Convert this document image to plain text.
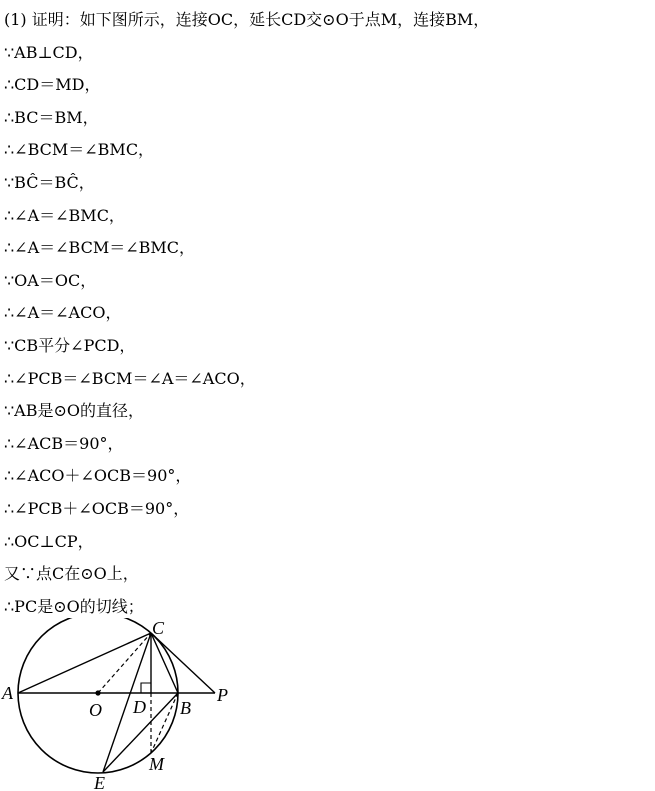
(1) 证明：如下图所示，连接OC，延长CD交⊙O于点M，连接BM，
∵AB⊥CD，
∴CD＝MD，
∴BC＝BM，
∴∠BCM＝∠BMC，
∵BĈ＝BĈ，
∴∠A＝∠BMC，
∴∠A＝∠BCM＝∠BMC，
∵OA＝OC，
∴∠A＝∠ACO，
∵CB平分∠PCD，
∴∠PCB＝∠BCM＝∠A＝∠ACO，
∵AB是⊙O的直径，
∴∠ACB＝90°，
∴∠ACO＋∠OCB＝90°，
∴∠PCB＋∠OCB＝90°，
∴OC⊥CP，
又∵点C在⊙O上，
∴PC是⊙O的切线；
A
O D B
P
C
M
E
